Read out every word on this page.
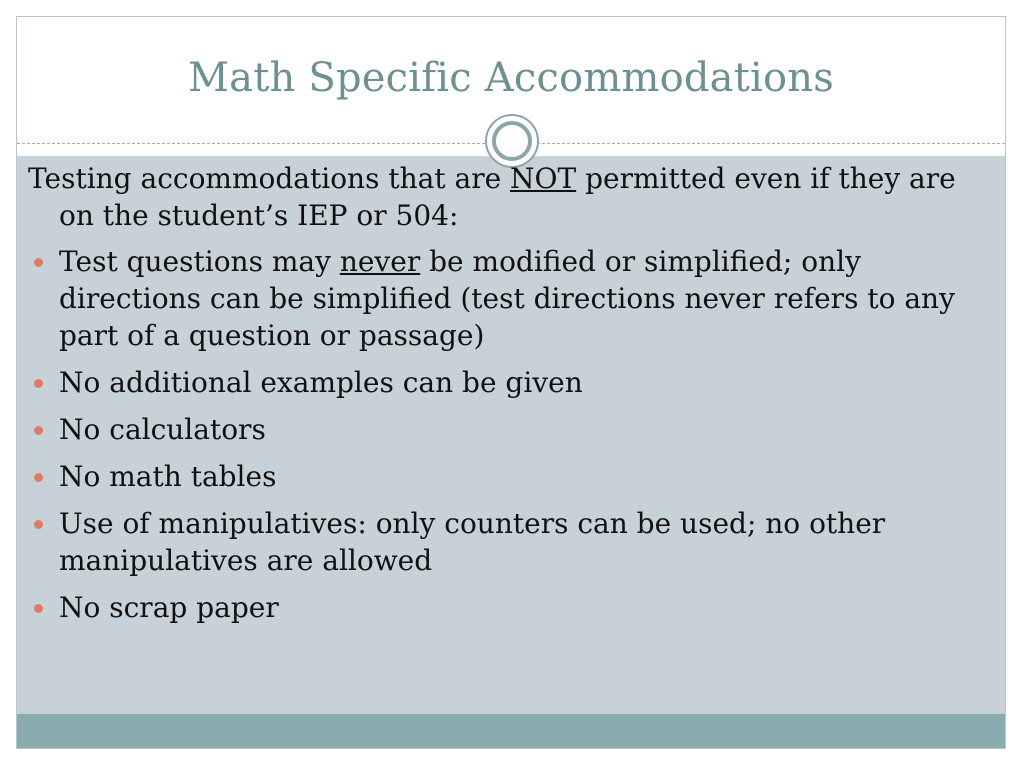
Math Specific Accommodations

Testing accommodations that are NOT permitted even if they are on the student’s IEP or 504:

Test questions may never be modified or simplified; only directions can be simplified (test directions never refers to any part of a question or passage)
No additional examples can be given
No calculators
No math tables
Use of manipulatives: only counters can be used; no other manipulatives are allowed
No scrap paper
